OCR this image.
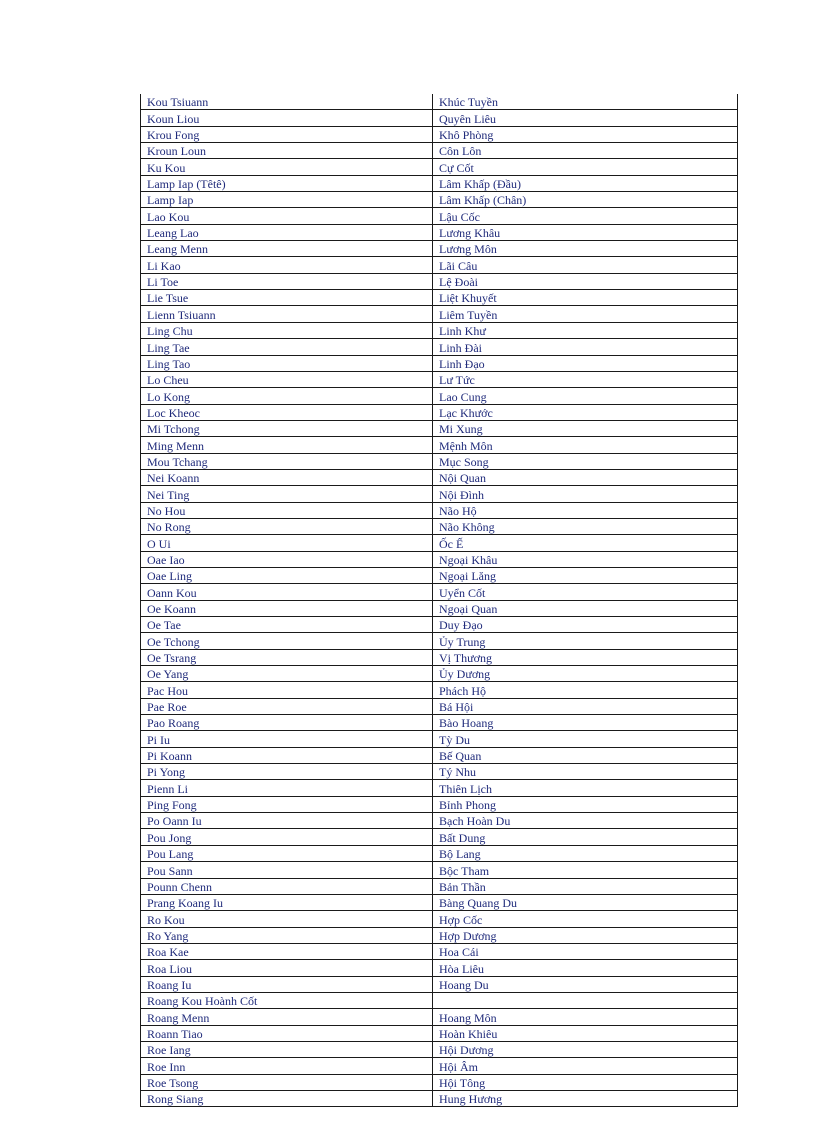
Kou Tsiuann	Khúc Tuyền
Koun Liou	Quyên Liêu
Krou Fong	Khô Phòng
Kroun Loun	Côn Lôn
Ku Kou	Cự Cốt
Lamp Iap (Têtê)	Lâm Khấp (Đầu)
Lamp Iap	Lâm Khấp (Chân)
Lao Kou	Lậu Cốc
Leang Lao	Lương Khâu
Leang Menn	Lương Môn
Li Kao	Lãi Câu
Li Toe	Lệ Đoài
Lie Tsue	Liệt Khuyết
Lienn Tsiuann	Liêm Tuyền
Ling Chu	Linh Khư
Ling Tae	Linh Đài
Ling Tao	Linh Đạo
Lo Cheu	Lư Tức
Lo Kong	Lao Cung
Loc Kheoc	Lạc Khước
Mi Tchong	Mi Xung
Ming Menn	Mệnh Môn
Mou Tchang	Mục Song
Nei Koann	Nội Quan
Nei Ting	Nội Đình
No Hou	Não Hộ
No Rong	Não Không
O Ui	Ốc Ế
Oae Iao	Ngoại Khâu
Oae Ling	Ngoại Lăng
Oann Kou	Uyển Cốt
Oe Koann	Ngoại Quan
Oe Tae	Duy Đạo
Oe Tchong	Ủy Trung
Oe Tsrang	Vị Thương
Oe Yang	Ủy Dương
Pac Hou	Phách Hộ
Pae Roe	Bá Hội
Pao Roang	Bào Hoang
Pi Iu	Tỳ Du
Pi Koann	Bế Quan
Pi Yong	Tý Nhu
Pienn Li	Thiên Lịch
Ping Fong	Bỉnh Phong
Po Oann Iu	Bạch Hoàn Du
Pou Jong	Bất Dung
Pou Lang	Bộ Lang
Pou Sann	Bộc Tham
Pounn Chenn	Bản Thần
Prang Koang Iu	Bàng Quang Du
Ro Kou	Hợp Cốc
Ro Yang	Hợp Dương
Roa Kae	Hoa Cái
Roa Liou	Hòa Liêu
Roang Iu	Hoang Du
Roang Kou Hoành Cốt	
Roang Menn	Hoang Môn
Roann Tiao	Hoàn Khiêu
Roe Iang	Hội Dương
Roe Inn	Hội Âm
Roe Tsong	Hội Tông
Rong Siang	Hung Hương
